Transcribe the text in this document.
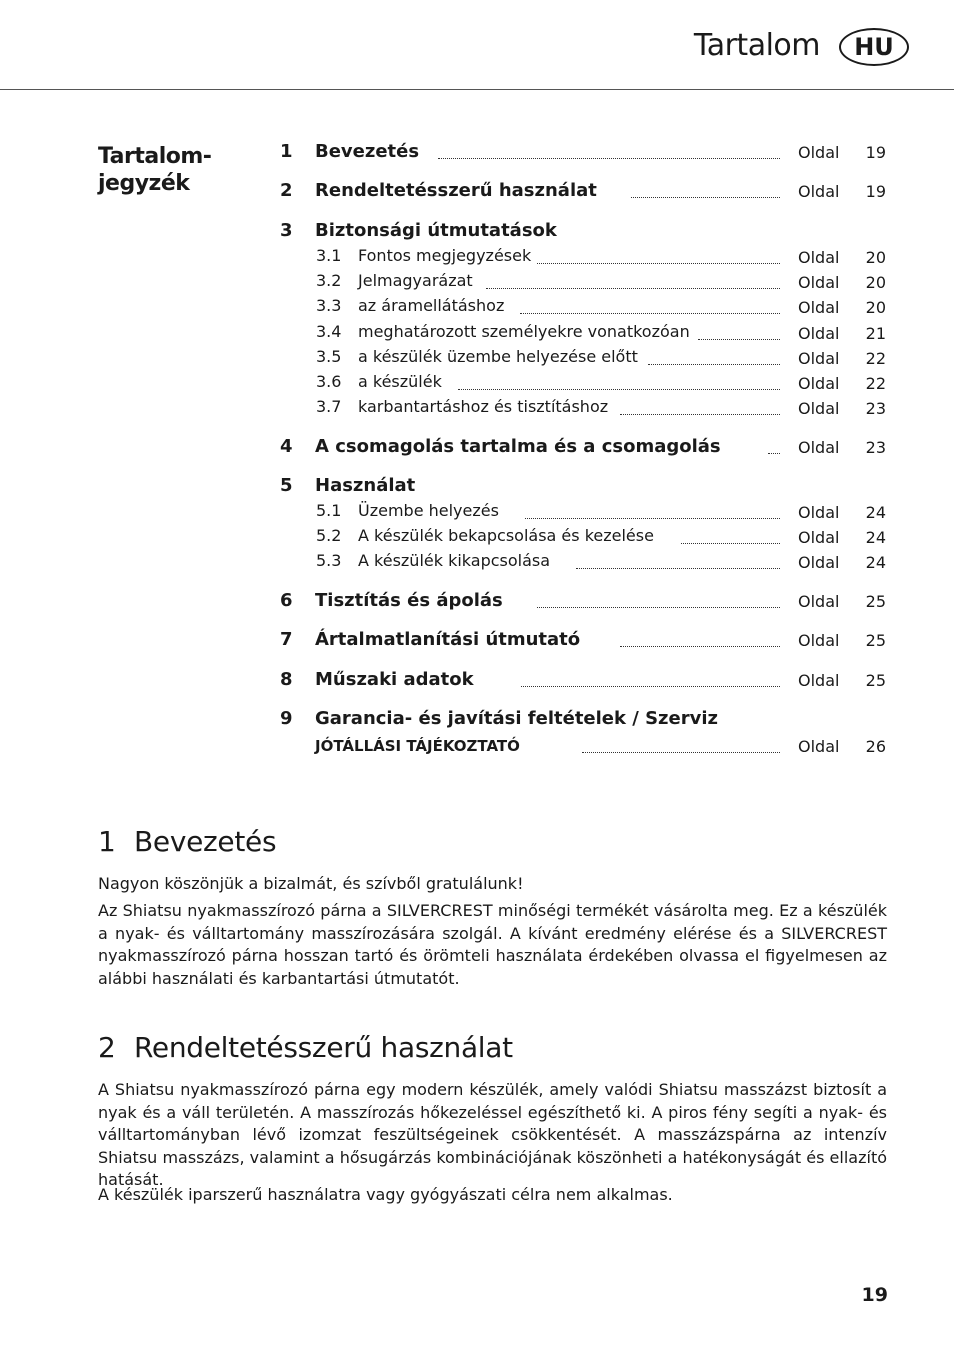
Tartalom	HU
Tartalom-
jegyzék
1 Bevezetés	Oldal 19
2 Rendeltetésszerű használat	Oldal 19
3 Biztonsági útmutatások
3.1 Fontos megjegyzések	Oldal 20
3.2 Jelmagyarázat	Oldal 20
3.3 az áramellátáshoz	Oldal 20
3.4 meghatározott személyekre vonatkozóan	Oldal 21
3.5 a készülék üzembe helyezése előtt	Oldal 22
3.6 a készülék	Oldal 22
3.7 karbantartáshoz és tisztításhoz	Oldal 23
4 A csomagolás tartalma és a csomagolás	Oldal 23
5 Használat
5.1 Üzembe helyezés	Oldal 24
5.2 A készülék bekapcsolása és kezelése	Oldal 24
5.3 A készülék kikapcsolása	Oldal 24
6 Tisztítás és ápolás	Oldal 25
7 Ártalmatlanítási útmutató	Oldal 25
8 Műszaki adatok	Oldal 25
9 Garancia- és javítási feltételek / Szerviz
JÓTÁLLÁSI TÁJÉKOZTATÓ	Oldal 26
1 Bevezetés

Nagyon köszönjük a bizalmát, és szívből gratulálunk!

Az Shiatsu nyakmasszírozó párna a SILVERCREST minőségi termékét vásárolta meg. Ez a készülék a nyak- és válltartomány masszírozására szolgál. A kívánt eredmény elérése és a SILVERCREST nyakmasszírozó párna hosszan tartó és örömteli használata érdekében olvassa el figyelmesen az alábbi használati és karbantartási útmutatót.

2 Rendeltetésszerű használat

A Shiatsu nyakmasszírozó párna egy modern készülék, amely valódi Shiatsu masszázst biztosít a nyak és a váll területén. A masszírozás hőkezeléssel egészíthető ki. A piros fény segíti a nyak- és válltartományban lévő izomzat feszültségeinek csökkentését. A masszázspárna az intenzív Shiatsu masszázs, valamint a hősugárzás kombinációjának köszönheti a hatékonyságát és ellazító hatását.

A készülék iparszerű használatra vagy gyógyászati célra nem alkalmas.

19
